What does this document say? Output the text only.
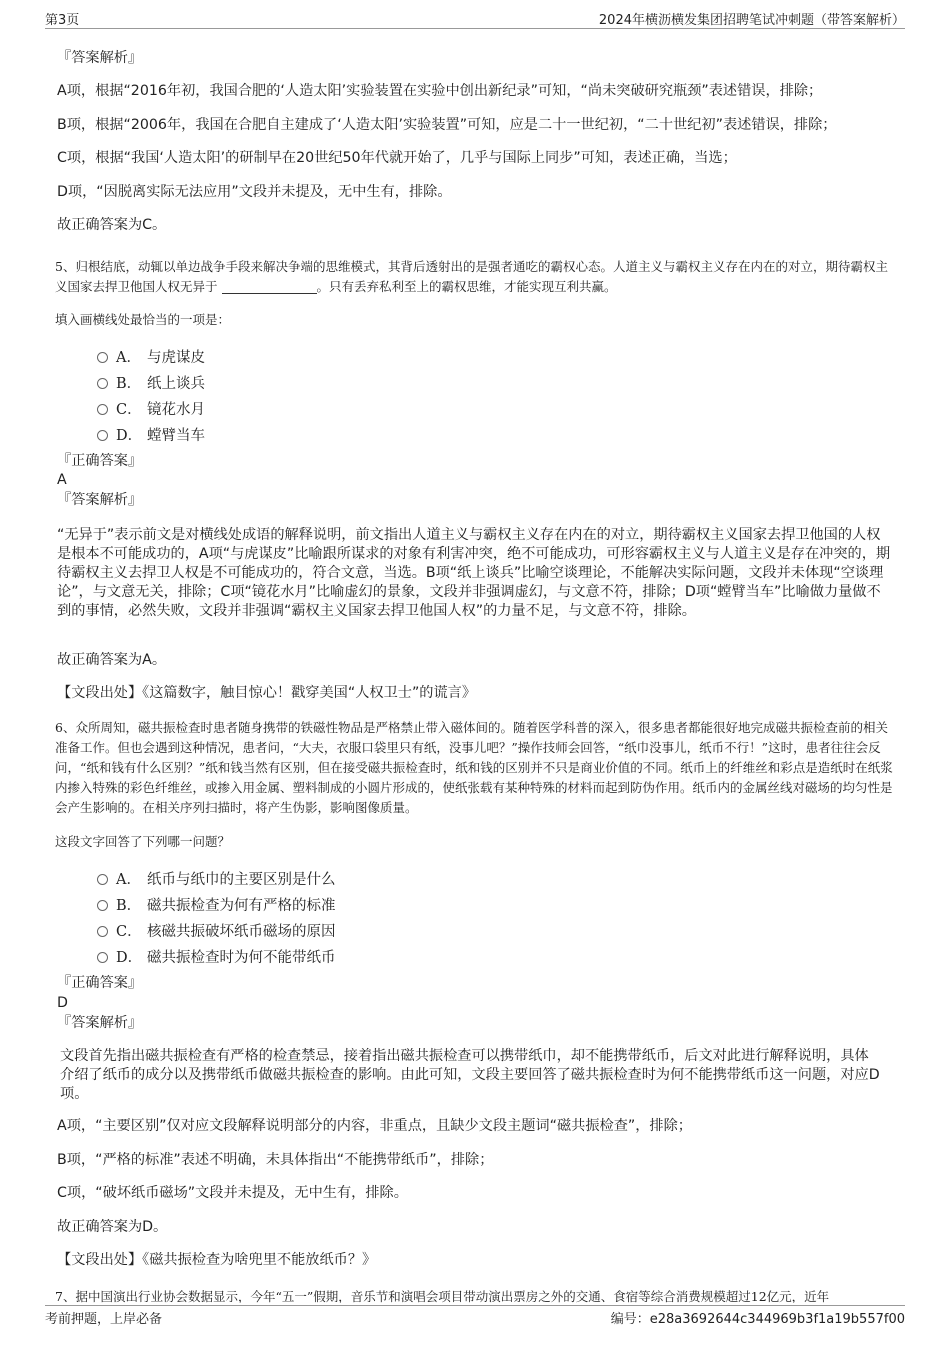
第3页	2024年横沥横发集团招聘笔试冲刺题（带答案解析）
『答案解析』
A项，根据“2016年初，我国合肥的‘人造太阳’实验装置在实验中创出新纪录”可知，“尚未突破研究瓶颈”表述错误，排除；
B项，根据“2006年，我国在合肥自主建成了‘人造太阳’实验装置”可知，应是二十一世纪初，“二十世纪初”表述错误，排除；
C项，根据“我国‘人造太阳’的研制早在20世纪50年代就开始了，几乎与国际上同步”可知，表述正确，当选；
D项，“因脱离实际无法应用”文段并未提及，无中生有，排除。
故正确答案为C。
5、归根结底，动辄以单边战争手段来解决争端的思维模式，其背后透射出的是强者通吃的霸权心态。人道主义与霸权主义存在内在的对立，期待霸权主义国家去捍卫他国人权无异于	。只有丢弃私利至上的霸权思维，才能实现互利共赢。
填入画横线处最恰当的一项是：
A． 与虎谋皮
B． 纸上谈兵
C． 镜花水月
D． 螳臂当车
『正确答案』
A
『答案解析』
“无异于”表示前文是对横线处成语的解释说明，前文指出人道主义与霸权主义存在内在的对立，期待霸权主义国家去捍卫他国的人权是根本不可能成功的，A项“与虎谋皮”比喻跟所谋求的对象有利害冲突，绝不可能成功，可形容霸权主义与人道主义是存在冲突的，期待霸权主义去捍卫人权是不可能成功的，符合文意，当选。B项“纸上谈兵”比喻空谈理论，不能解决实际问题，文段并未体现“空谈理论”，与文意无关，排除；C项“镜花水月”比喻虚幻的景象，文段并非强调虚幻，与文意不符，排除；D项“螳臂当车”比喻做力量做不到的事情，必然失败，文段并非强调“霸权主义国家去捍卫他国人权”的力量不足，与文意不符，排除。
故正确答案为A。
【文段出处】《这篇数字，触目惊心！戳穿美国“人权卫士”的谎言》
6、众所周知，磁共振检查时患者随身携带的铁磁性物品是严格禁止带入磁体间的。随着医学科普的深入，很多患者都能很好地完成磁共振检查前的相关准备工作。但也会遇到这种情况，患者问，“大夫，衣服口袋里只有纸，没事儿吧？”操作技师会回答，“纸巾没事儿，纸币不行！”这时，患者往往会反问，“纸和钱有什么区别？”纸和钱当然有区别，但在接受磁共振检查时，纸和钱的区别并不只是商业价值的不同。纸币上的纤维丝和彩点是造纸时在纸浆内掺入特殊的彩色纤维丝，或掺入用金属、塑料制成的小圆片形成的，使纸张载有某种特殊的材料而起到防伪作用。纸币内的金属丝线对磁场的均匀性是会产生影响的。在相关序列扫描时，将产生伪影，影响图像质量。
这段文字回答了下列哪一问题？
A． 纸币与纸巾的主要区别是什么
B． 磁共振检查为何有严格的标准
C． 核磁共振破坏纸币磁场的原因
D． 磁共振检查时为何不能带纸币
『正确答案』
D
『答案解析』
文段首先指出磁共振检查有严格的检查禁忌，接着指出磁共振检查可以携带纸巾，却不能携带纸币，后文对此进行解释说明，具体介绍了纸币的成分以及携带纸币做磁共振检查的影响。由此可知，文段主要回答了磁共振检查时为何不能携带纸币这一问题，对应D项。
A项，“主要区别”仅对应文段解释说明部分的内容，非重点，且缺少文段主题词“磁共振检查”，排除；
B项，“严格的标准”表述不明确，未具体指出“不能携带纸币”，排除；
C项，“破坏纸币磁场”文段并未提及，无中生有，排除。
故正确答案为D。
【文段出处】《磁共振检查为啥兜里不能放纸币？》
7、据中国演出行业协会数据显示，今年“五一”假期，音乐节和演唱会项目带动演出票房之外的交通、食宿等综合消费规模超过12亿元，近年
考前押题，上岸必备	编号：e28a3692644c344969b3f1a19b557f00
